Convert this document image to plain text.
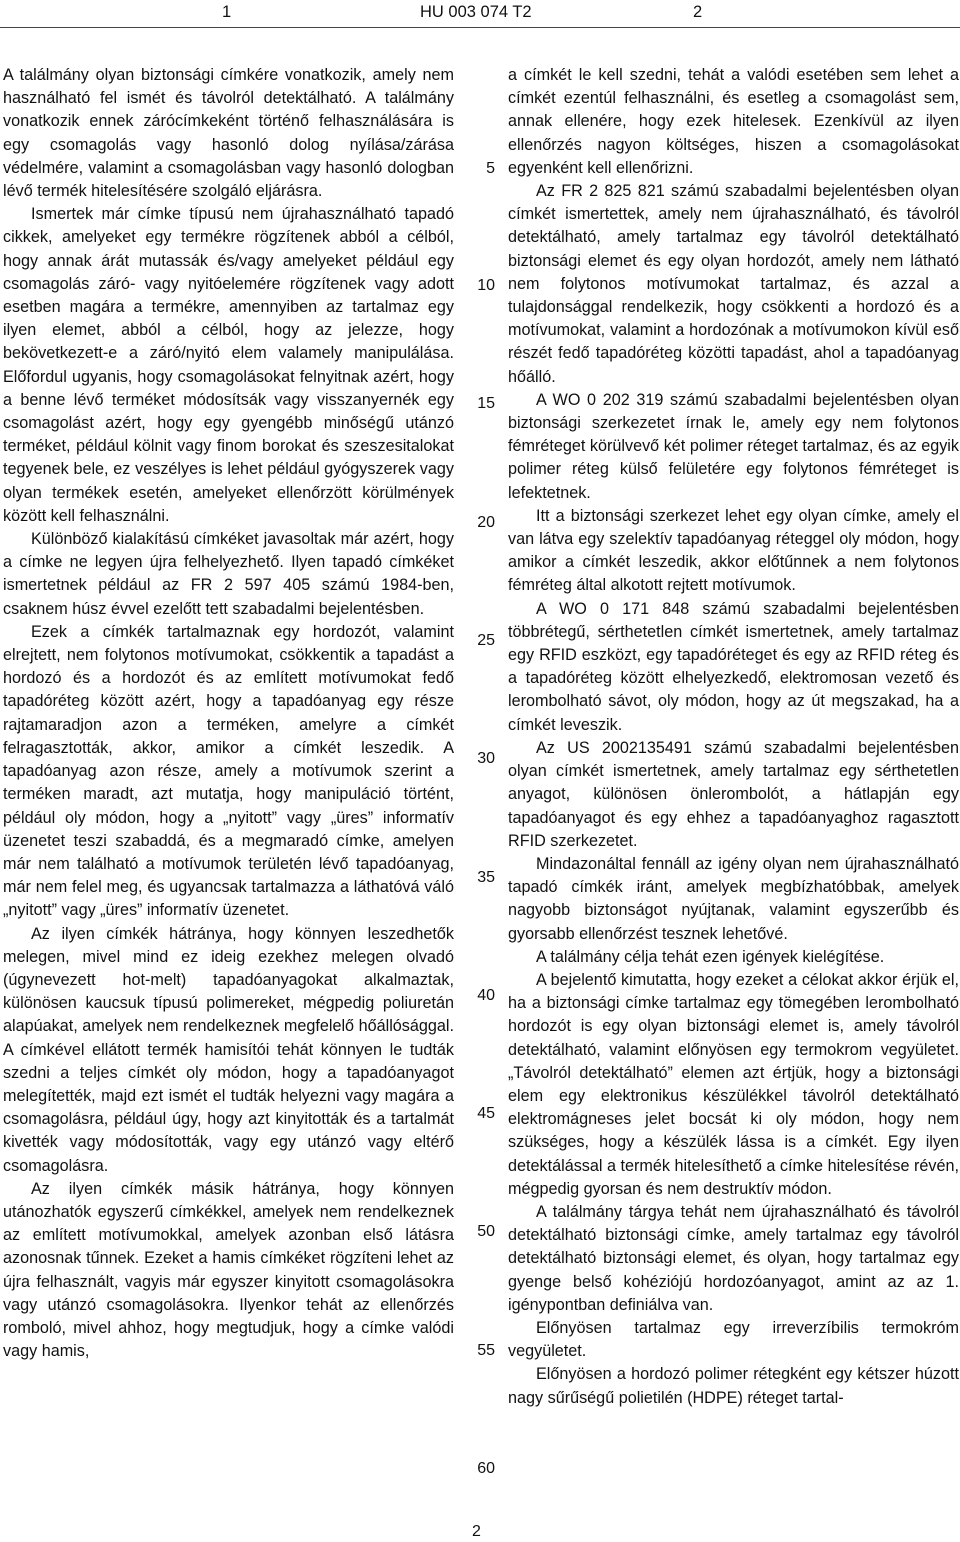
1	HU 003 074 T2	2

A találmány olyan biztonsági címkére vonatkozik, amely nem használható fel ismét és távolról detektálható. A találmány vonatkozik ennek zárócímkeként történő felhasználására is egy csomagolás vagy hasonló dolog nyílása/zárása védelmére, valamint a csomagolásban vagy hasonló dologban lévő termék hitelesítésére szolgáló eljárásra.

Ismertek már címke típusú nem újrahasználható tapadó cikkek, amelyeket egy termékre rögzítenek abból a célból, hogy annak árát mutassák és/vagy amelyeket például egy csomagolás záró- vagy nyitóelemére rögzítenek vagy adott esetben magára a termékre, amennyiben az tartalmaz egy ilyen elemet, abból a célból, hogy az jelezze, hogy bekövetkezett-e a záró/nyitó elem valamely manipulálása. Előfordul ugyanis, hogy csomagolásokat felnyitnak azért, hogy a benne lévő terméket módosítsák vagy visszanyernék egy csomagolást azért, hogy egy gyengébb minőségű utánzó terméket, például kölnit vagy finom borokat és szeszesitalokat tegyenek bele, ez veszélyes is lehet például gyógyszerek vagy olyan termékek esetén, amelyeket ellenőrzött körülmények között kell felhasználni.

Különböző kialakítású címkéket javasoltak már azért, hogy a címke ne legyen újra felhelyezhető. Ilyen tapadó címkéket ismertetnek például az FR 2 597 405 számú 1984-ben, csaknem húsz évvel ezelőtt tett szabadalmi bejelentésben.

Ezek a címkék tartalmaznak egy hordozót, valamint elrejtett, nem folytonos motívumokat, csökkentik a tapadást a hordozó és a hordozót és az említett motívumokat fedő tapadóréteg között azért, hogy a tapadóanyag egy része rajtamaradjon azon a terméken, amelyre a címkét felragasztották, akkor, amikor a címkét leszedik. A tapadóanyag azon része, amely a motívumok szerint a terméken maradt, azt mutatja, hogy manipuláció történt, például oly módon, hogy a „nyitott” vagy „üres” informatív üzenetet teszi szabaddá, és a megmaradó címke, amelyen már nem található a motívumok területén lévő tapadóanyag, már nem felel meg, és ugyancsak tartalmazza a láthatóvá váló „nyitott” vagy „üres” informatív üzenetet.

Az ilyen címkék hátránya, hogy könnyen leszedhetők melegen, mivel mind ez ideig ezekhez melegen olvadó (úgynevezett hot-melt) tapadóanyagokat alkalmaztak, különösen kaucsuk típusú polimereket, mégpedig poliuretán alapúakat, amelyek nem rendelkeznek megfelelő hőállósággal. A címkével ellátott termék hamisítói tehát könnyen le tudták szedni a teljes címkét oly módon, hogy a tapadóanyagot melegítették, majd ezt ismét el tudták helyezni vagy magára a csomagolásra, például úgy, hogy azt kinyitották és a tartalmát kivették vagy módosították, vagy egy utánzó vagy eltérő csomagolásra.

Az ilyen címkék másik hátránya, hogy könnyen utánozhatók egyszerű címkékkel, amelyek nem rendelkeznek az említett motívumokkal, amelyek azonban első látásra azonosnak tűnnek. Ezeket a hamis címkéket rögzíteni lehet az újra felhasznált, vagyis már egyszer kinyitott csomagolásokra vagy utánzó csomagolásokra. Ilyenkor tehát az ellenőrzés romboló, mivel ahhoz, hogy megtudjuk, hogy a címke valódi vagy hamis,

5
10
15
20
25
30
35
40
45
50
55
60

a címkét le kell szedni, tehát a valódi esetében sem lehet a címkét ezentúl felhasználni, és esetleg a csomagolást sem, annak ellenére, hogy ezek hitelesek. Ezenkívül az ilyen ellenőrzés nagyon költséges, hiszen a csomagolásokat egyenként kell ellenőrizni.

Az FR 2 825 821 számú szabadalmi bejelentésben olyan címkét ismertettek, amely nem újrahasználható, és távolról detektálható, amely tartalmaz egy távolról detektálható biztonsági elemet és egy olyan hordozót, amely nem látható nem folytonos motívumokat tartalmaz, és azzal a tulajdonsággal rendelkezik, hogy csökkenti a hordozó és a motívumokat, valamint a hordozónak a motívumokon kívül eső részét fedő tapadóréteg közötti tapadást, ahol a tapadóanyag hőálló.

A WO 0 202 319 számú szabadalmi bejelentésben olyan biztonsági szerkezetet írnak le, amely egy nem folytonos fémréteget körülvevő két polimer réteget tartalmaz, és az egyik polimer réteg külső felületére egy folytonos fémréteget is lefektetnek.

Itt a biztonsági szerkezet lehet egy olyan címke, amely el van látva egy szelektív tapadóanyag réteggel oly módon, hogy amikor a címkét leszedik, akkor előtűnnek a nem folytonos fémréteg által alkotott rejtett motívumok.

A WO 0 171 848 számú szabadalmi bejelentésben többrétegű, sérthetetlen címkét ismertetnek, amely tartalmaz egy RFID eszközt, egy tapadóréteget és egy az RFID réteg és a tapadóréteg között elhelyezkedő, elektromosan vezető és lerombolható sávot, oly módon, hogy az út megszakad, ha a címkét leveszik.

Az US 2002135491 számú szabadalmi bejelentésben olyan címkét ismertetnek, amely tartalmaz egy sérthetetlen anyagot, különösen önlerombolót, a hátlapján egy tapadóanyagot és egy ehhez a tapadóanyaghoz ragasztott RFID szerkezetet.

Mindazonáltal fennáll az igény olyan nem újrahasználható tapadó címkék iránt, amelyek megbízhatóbbak, amelyek nagyobb biztonságot nyújtanak, valamint egyszerűbb és gyorsabb ellenőrzést tesznek lehetővé.

A találmány célja tehát ezen igények kielégítése.

A bejelentő kimutatta, hogy ezeket a célokat akkor érjük el, ha a biztonsági címke tartalmaz egy tömegében lerombolható hordozót is egy olyan biztonsági elemet is, amely távolról detektálható, valamint előnyösen egy termokrom vegyületet. „Távolról detektálható” elemen azt értjük, hogy a biztonsági elem egy elektronikus készülékkel távolról detektálható elektromágneses jelet bocsát ki oly módon, hogy nem szükséges, hogy a készülék lássa is a címkét. Egy ilyen detektálással a termék hitelesíthető a címke hitelesítése révén, mégpedig gyorsan és nem destruktív módon.

A találmány tárgya tehát nem újrahasználható és távolról detektálható biztonsági címke, amely tartalmaz egy távolról detektálható biztonsági elemet, és olyan, hogy tartalmaz egy gyenge belső kohéziójú hordozóanyagot, amint az az 1. igénypontban definiálva van.

Előnyösen tartalmaz egy irreverzíbilis termokróm vegyületet.

Előnyösen a hordozó polimer rétegként egy kétszer húzott nagy sűrűségű polietilén (HDPE) réteget tartal-

2
